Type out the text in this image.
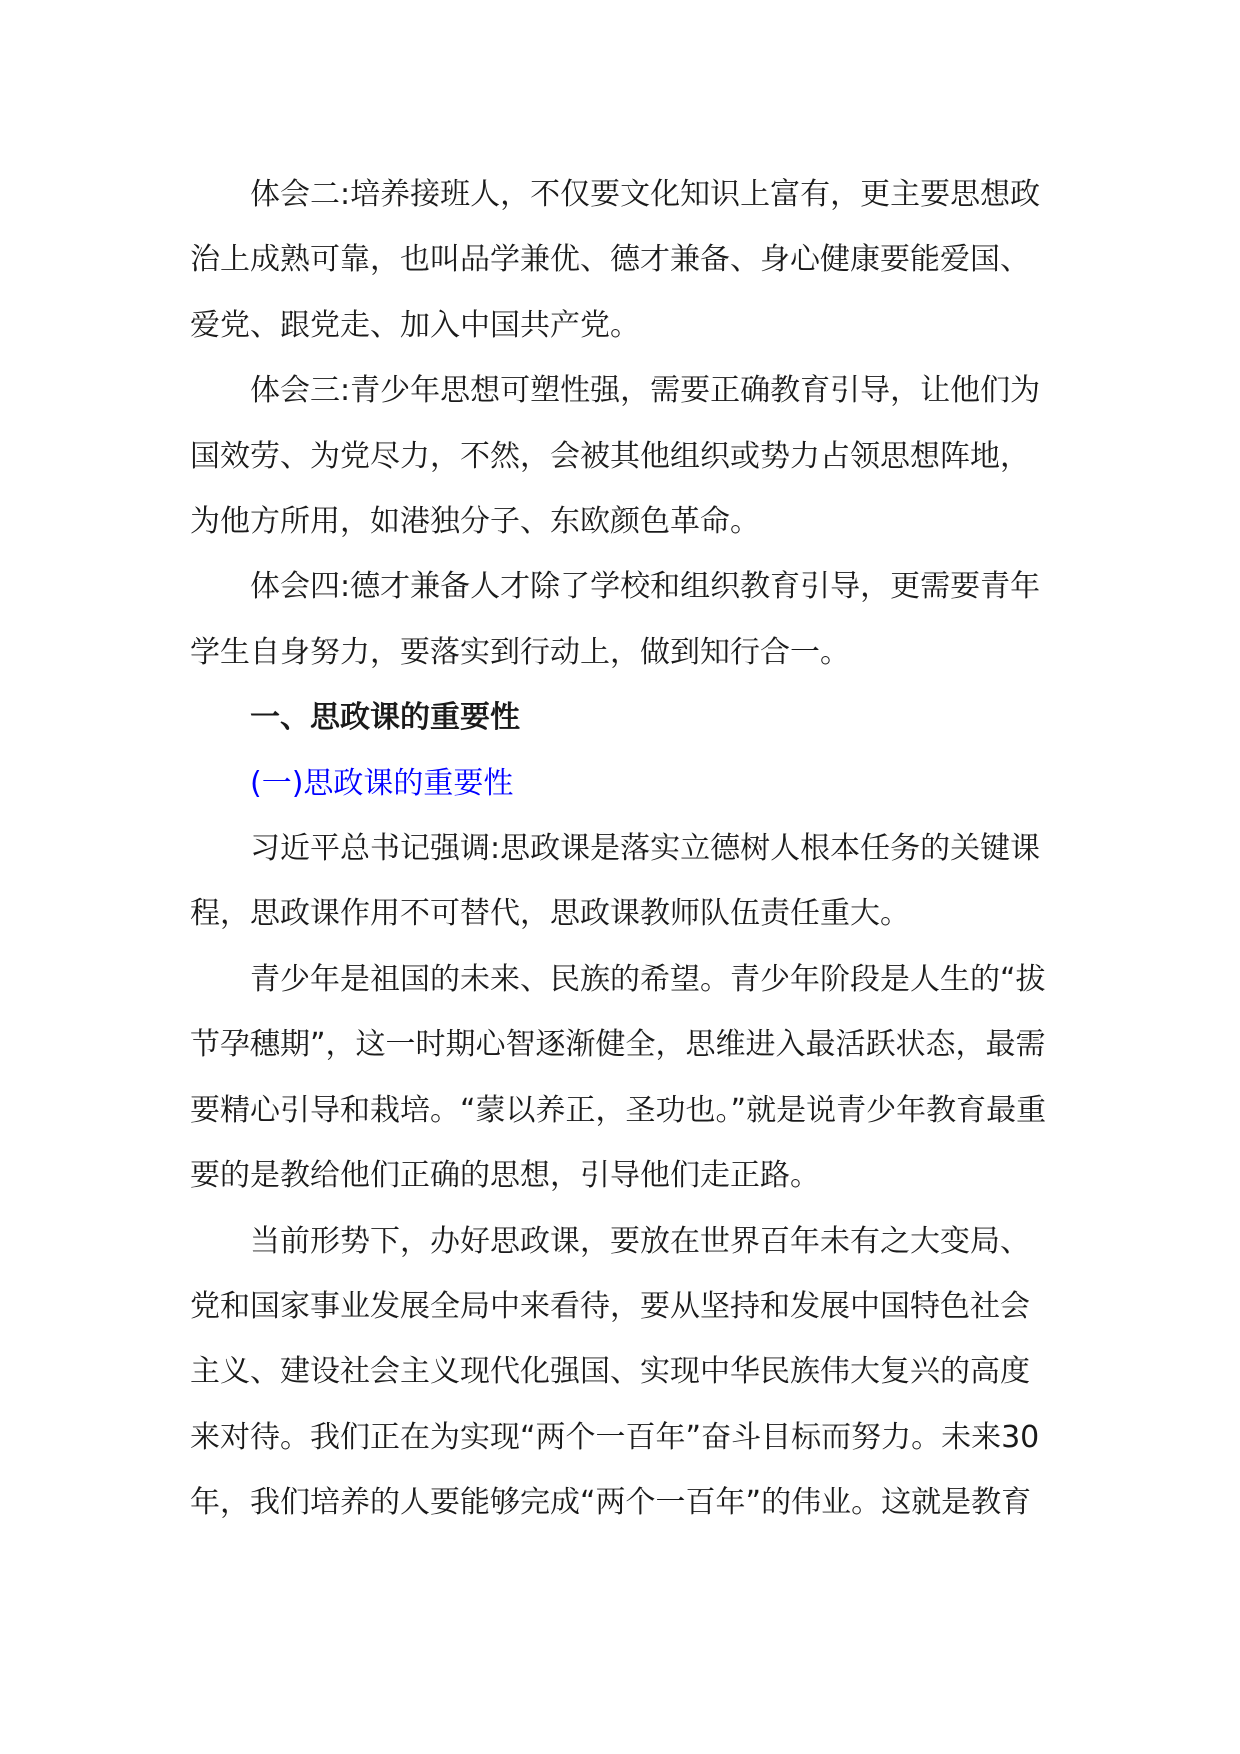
体会二:培养接班人，不仅要文化知识上富有，更主要思想政治上成熟可靠，也叫品学兼优、德才兼备、身心健康要能爱国、爱党、跟党走、加入中国共产党。

体会三:青少年思想可塑性强，需要正确教育引导，让他们为国效劳、为党尽力，不然，会被其他组织或势力占领思想阵地，为他方所用，如港独分子、东欧颜色革命。

体会四:德才兼备人才除了学校和组织教育引导，更需要青年学生自身努力，要落实到行动上，做到知行合一。

一、思政课的重要性

(一)思政课的重要性

习近平总书记强调:思政课是落实立德树人根本任务的关键课程，思政课作用不可替代，思政课教师队伍责任重大。

青少年是祖国的未来、民族的希望。青少年阶段是人生的“拔节孕穗期”，这一时期心智逐渐健全，思维进入最活跃状态，最需要精心引导和栽培。“蒙以养正，圣功也。”就是说青少年教育最重要的是教给他们正确的思想，引导他们走正路。

当前形势下，办好思政课，要放在世界百年未有之大变局、党和国家事业发展全局中来看待，要从坚持和发展中国特色社会主义、建设社会主义现代化强国、实现中华民族伟大复兴的高度来对待。我们正在为实现“两个一百年”奋斗目标而努力。未来30年，我们培养的人要能够完成“两个一百年”的伟业。这就是教育
